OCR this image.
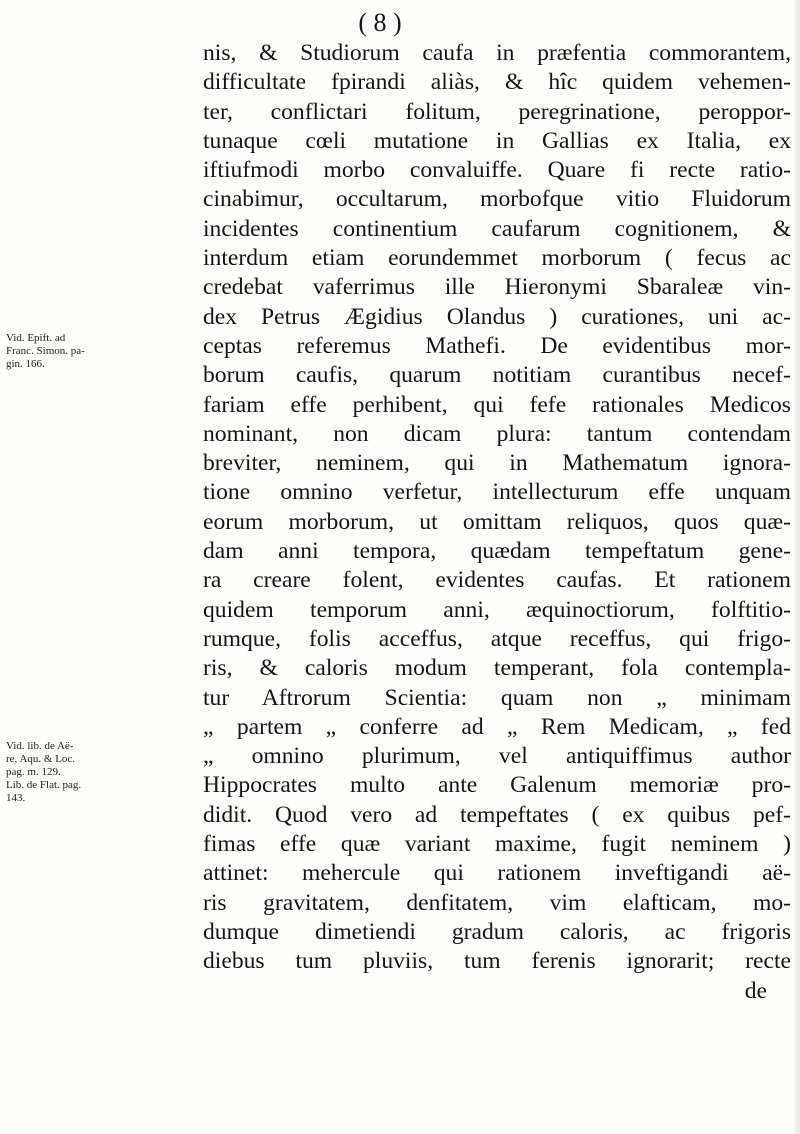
( 8 )
Vid. Epift. ad
Franc. Simon. pa-
gin. 166.
Vid. lib. de Aë-
re, Aqu. & Loc.
pag. m. 129.
Lib. de Flat. pag.
143.
nis, & Studiorum caufa in præfentia commorantem,
difficultate fpirandi aliàs, & hîc quidem vehemen-
ter, conflictari folitum, peregrinatione, peroppor-
tunaque cœli mutatione in Gallias ex Italia, ex
iftiufmodi morbo convaluiffe. Quare fi recte ratio-
cinabimur, occultarum, morbofque vitio Fluidorum
incidentes continentium caufarum cognitionem, &
interdum etiam eorundemmet morborum ( fecus ac
credebat vaferrimus ille Hieronymi Sbaraleæ vin-
dex Petrus Ægidius Olandus ) curationes, uni ac-
ceptas referemus Mathefi. De evidentibus mor-
borum caufis, quarum notitiam curantibus necef-
fariam effe perhibent, qui fefe rationales Medicos
nominant, non dicam plura: tantum contendam
breviter, neminem, qui in Mathematum ignora-
tione omnino verfetur, intellecturum effe unquam
eorum morborum, ut omittam reliquos, quos quæ-
dam anni tempora, quædam tempeftatum gene-
ra creare folent, evidentes caufas. Et rationem
quidem temporum anni, æquinoctiorum, folftitio-
rumque, folis acceffus, atque receffus, qui frigo-
ris, & caloris modum temperant, fola contempla-
tur Aftrorum Scientia: quam non „ minimam
„ partem „ conferre ad „ Rem Medicam, „ fed
„ omnino plurimum, vel antiquiffimus author
Hippocrates multo ante Galenum memoriæ pro-
didit. Quod vero ad tempeftates ( ex quibus pef-
fimas effe quæ variant maxime, fugit neminem )
attinet: mehercule qui rationem inveftigandi aë-
ris gravitatem, denfitatem, vim elafticam, mo-
dumque dimetiendi gradum caloris, ac frigoris
diebus tum pluviis, tum ferenis ignorarit; recte
de
